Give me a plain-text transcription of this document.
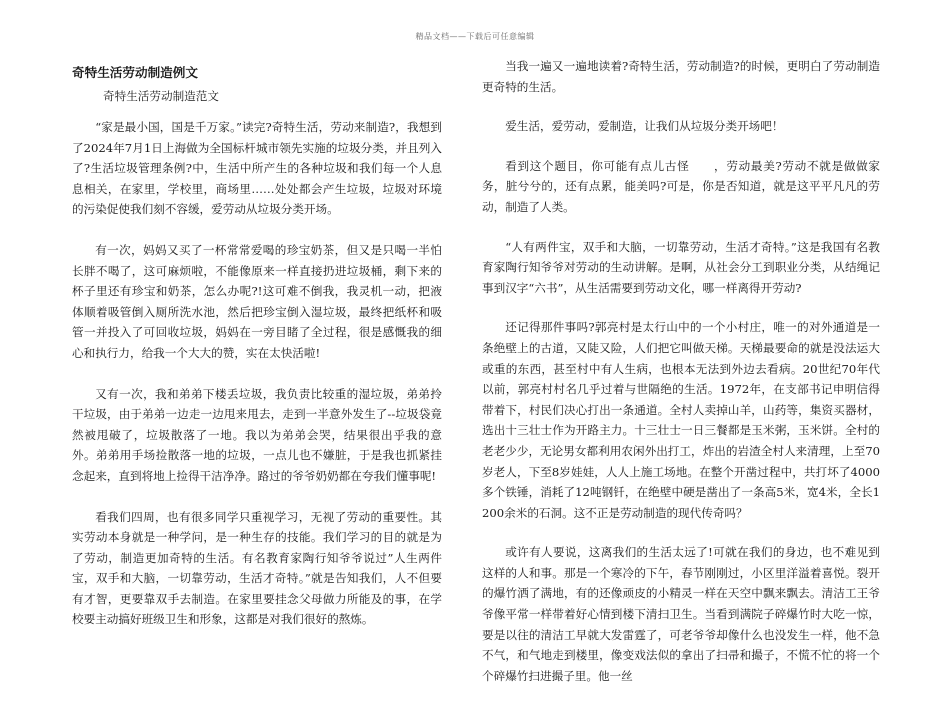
精品文档——下载后可任意编辑
奇特生活劳动制造例文
奇特生活劳动制造范文

“家是最小国，国是千万家。”读完?奇特生活，劳动来制造?，我想到了2024年7月1日上海做为全国标杆城市领先实施的垃圾分类，并且列入了?生活垃圾管理条例?中，生活中所产生的各种垃圾和我们每一个人息息相关，在家里，学校里，商场里……处处都会产生垃圾，垃圾对环境的污染促使我们刻不容缓，爱劳动从垃圾分类开场。

有一次，妈妈又买了一杯常常爱喝的珍宝奶茶，但又是只喝一半怕长胖不喝了，这可麻烦啦，不能像原来一样直接扔进垃圾桶，剩下来的杯子里还有珍宝和奶茶，怎么办呢?!这可难不倒我，我灵机一动，把液体顺着吸管倒入厕所洗水池，然后把珍宝倒入湿垃圾，最终把纸杯和吸管一并投入了可回收垃圾，妈妈在一旁目睹了全过程，很是感慨我的细心和执行力，给我一个大大的赞，实在太快活啦!

又有一次，我和弟弟下楼丢垃圾，我负责比较重的湿垃圾，弟弟拎干垃圾，由于弟弟一边走一边甩来甩去，走到一半意外发生了--垃圾袋竟然被甩破了，垃圾散落了一地。我以为弟弟会哭，结果很出乎我的意外。弟弟用手场捡散落一地的垃圾，一点儿也不嫌脏，于是我也抓紧挂念起来，直到将地上捡得干洁净净。路过的爷爷奶奶都在夸我们懂事呢!

看我们四周，也有很多同学只重视学习，无视了劳动的重要性。其实劳动本身就是一种学问，是一种生存的技能。我们学习的目的就是为了劳动，制造更加奇特的生活。有名教育家陶行知爷爷说过”人生两件宝，双手和大脑，一切靠劳动，生活才奇特。”就是告知我们，人不但要有才智，更要靠双手去制造。在家里要挂念父母做力所能及的事，在学校要主动搞好班级卫生和形象，这都是对我们很好的熬炼。

当我一遍又一遍地读着?奇特生活，劳动制造?的时候，更明白了劳动制造更奇特的生活。

爱生活，爱劳动，爱制造，让我们从垃圾分类开场吧！

看到这个题目，你可能有点儿古怪　　，劳动最美?劳动不就是做做家务，脏兮兮的，还有点累，能美吗?可是，你是否知道，就是这平平凡凡的劳动，制造了人类。

“人有两件宝，双手和大脑，一切靠劳动，生活才奇特。”这是我国有名教育家陶行知爷爷对劳动的生动讲解。是啊，从社会分工到职业分类，从结绳记事到汉字“六书”，从生活需要到劳动文化，哪一样离得开劳动?

还记得那件事吗?郭亮村是太行山中的一个小村庄，唯一的对外通道是一条绝壁上的古道，又陡又险，人们把它叫做天梯。天梯最要命的就是没法运大或重的东西，甚至村中有人生病，也根本无法到外边去看病。20世纪70年代以前，郭亮村村名几乎过着与世隔绝的生活。1972年，在支部书记申明信得带着下，村民们决心打出一条通道。全村人卖掉山羊，山药等，集资买器材，选出十三壮士作为开路主力。十三壮士一日三餐都是玉米粥，玉米饼。全村的老老少少，无论男女都利用农闲外出打工，炸出的岩渣全村人来清理，上至70岁老人，下至8岁娃娃，人人上施工场地。在整个开凿过程中，共打坏了4000多个铁锤，消耗了12吨钢钎，在绝壁中硬是凿出了一条高5米，宽4米，全长1200余米的石洞。这不正是劳动制造的现代传奇吗？

或许有人要说，这离我们的生活太远了!可就在我们的身边，也不难见到这样的人和事。那是一个寒冷的下午，春节刚刚过，小区里洋溢着喜悦。裂开的爆竹洒了满地，有的还像顽皮的小精灵一样在天空中飘来飘去。清洁工王爷爷像平常一样带着好心情到楼下清扫卫生。当看到满院子碎爆竹时大吃一惊，要是以往的清洁工早就大发雷霆了，可老爷爷却像什么也没发生一样，他不急不气，和气地走到楼里，像变戏法似的拿出了扫帚和撮子，不慌不忙的将一个个碎爆竹扫进撮子里。他一丝
